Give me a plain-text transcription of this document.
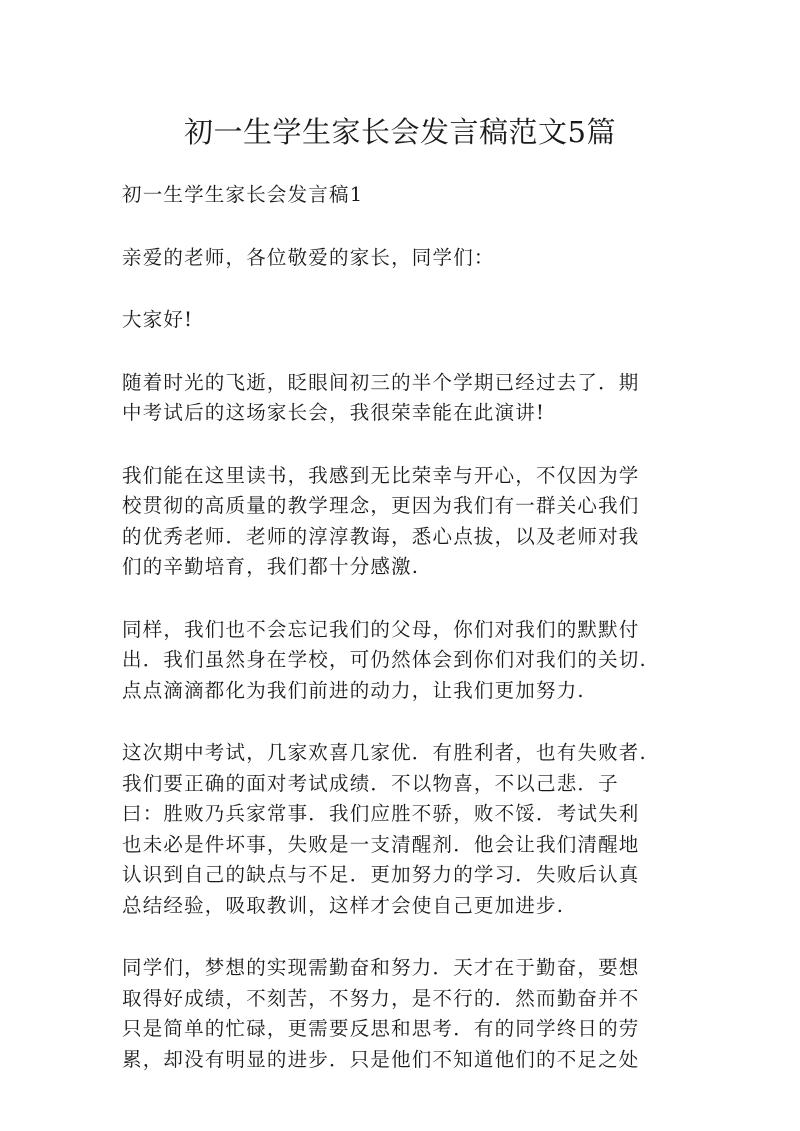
初一生学生家长会发言稿范文5篇

初一生学生家长会发言稿1

亲爱的老师，各位敬爱的家长，同学们：

大家好!

随着时光的飞逝，眨眼间初三的半个学期已经过去了．期
中考试后的这场家长会，我很荣幸能在此演讲!

我们能在这里读书，我感到无比荣幸与开心，不仅因为学
校贯彻的高质量的教学理念，更因为我们有一群关心我们
的优秀老师．老师的淳淳教诲，悉心点拔，以及老师对我
们的辛勤培育，我们都十分感激.

同样，我们也不会忘记我们的父母，你们对我们的默默付
出．我们虽然身在学校，可仍然体会到你们对我们的关切.
点点滴滴都化为我们前进的动力，让我们更加努力.

这次期中考试，几家欢喜几家优．有胜利者，也有失败者.
我们要正确的面对考试成绩．不以物喜，不以己悲．子
曰：胜败乃兵家常事．我们应胜不骄，败不馁．考试失利
也未必是件坏事，失败是一支清醒剂．他会让我们清醒地
认识到自己的缺点与不足．更加努力的学习．失败后认真
总结经验，吸取教训，这样才会使自己更加进步.

同学们，梦想的实现需勤奋和努力．天才在于勤奋，要想
取得好成绩，不刻苦，不努力，是不行的．然而勤奋并不
只是简单的忙碌，更需要反思和思考．有的同学终日的劳
累，却没有明显的进步．只是他们不知道他们的不足之处
